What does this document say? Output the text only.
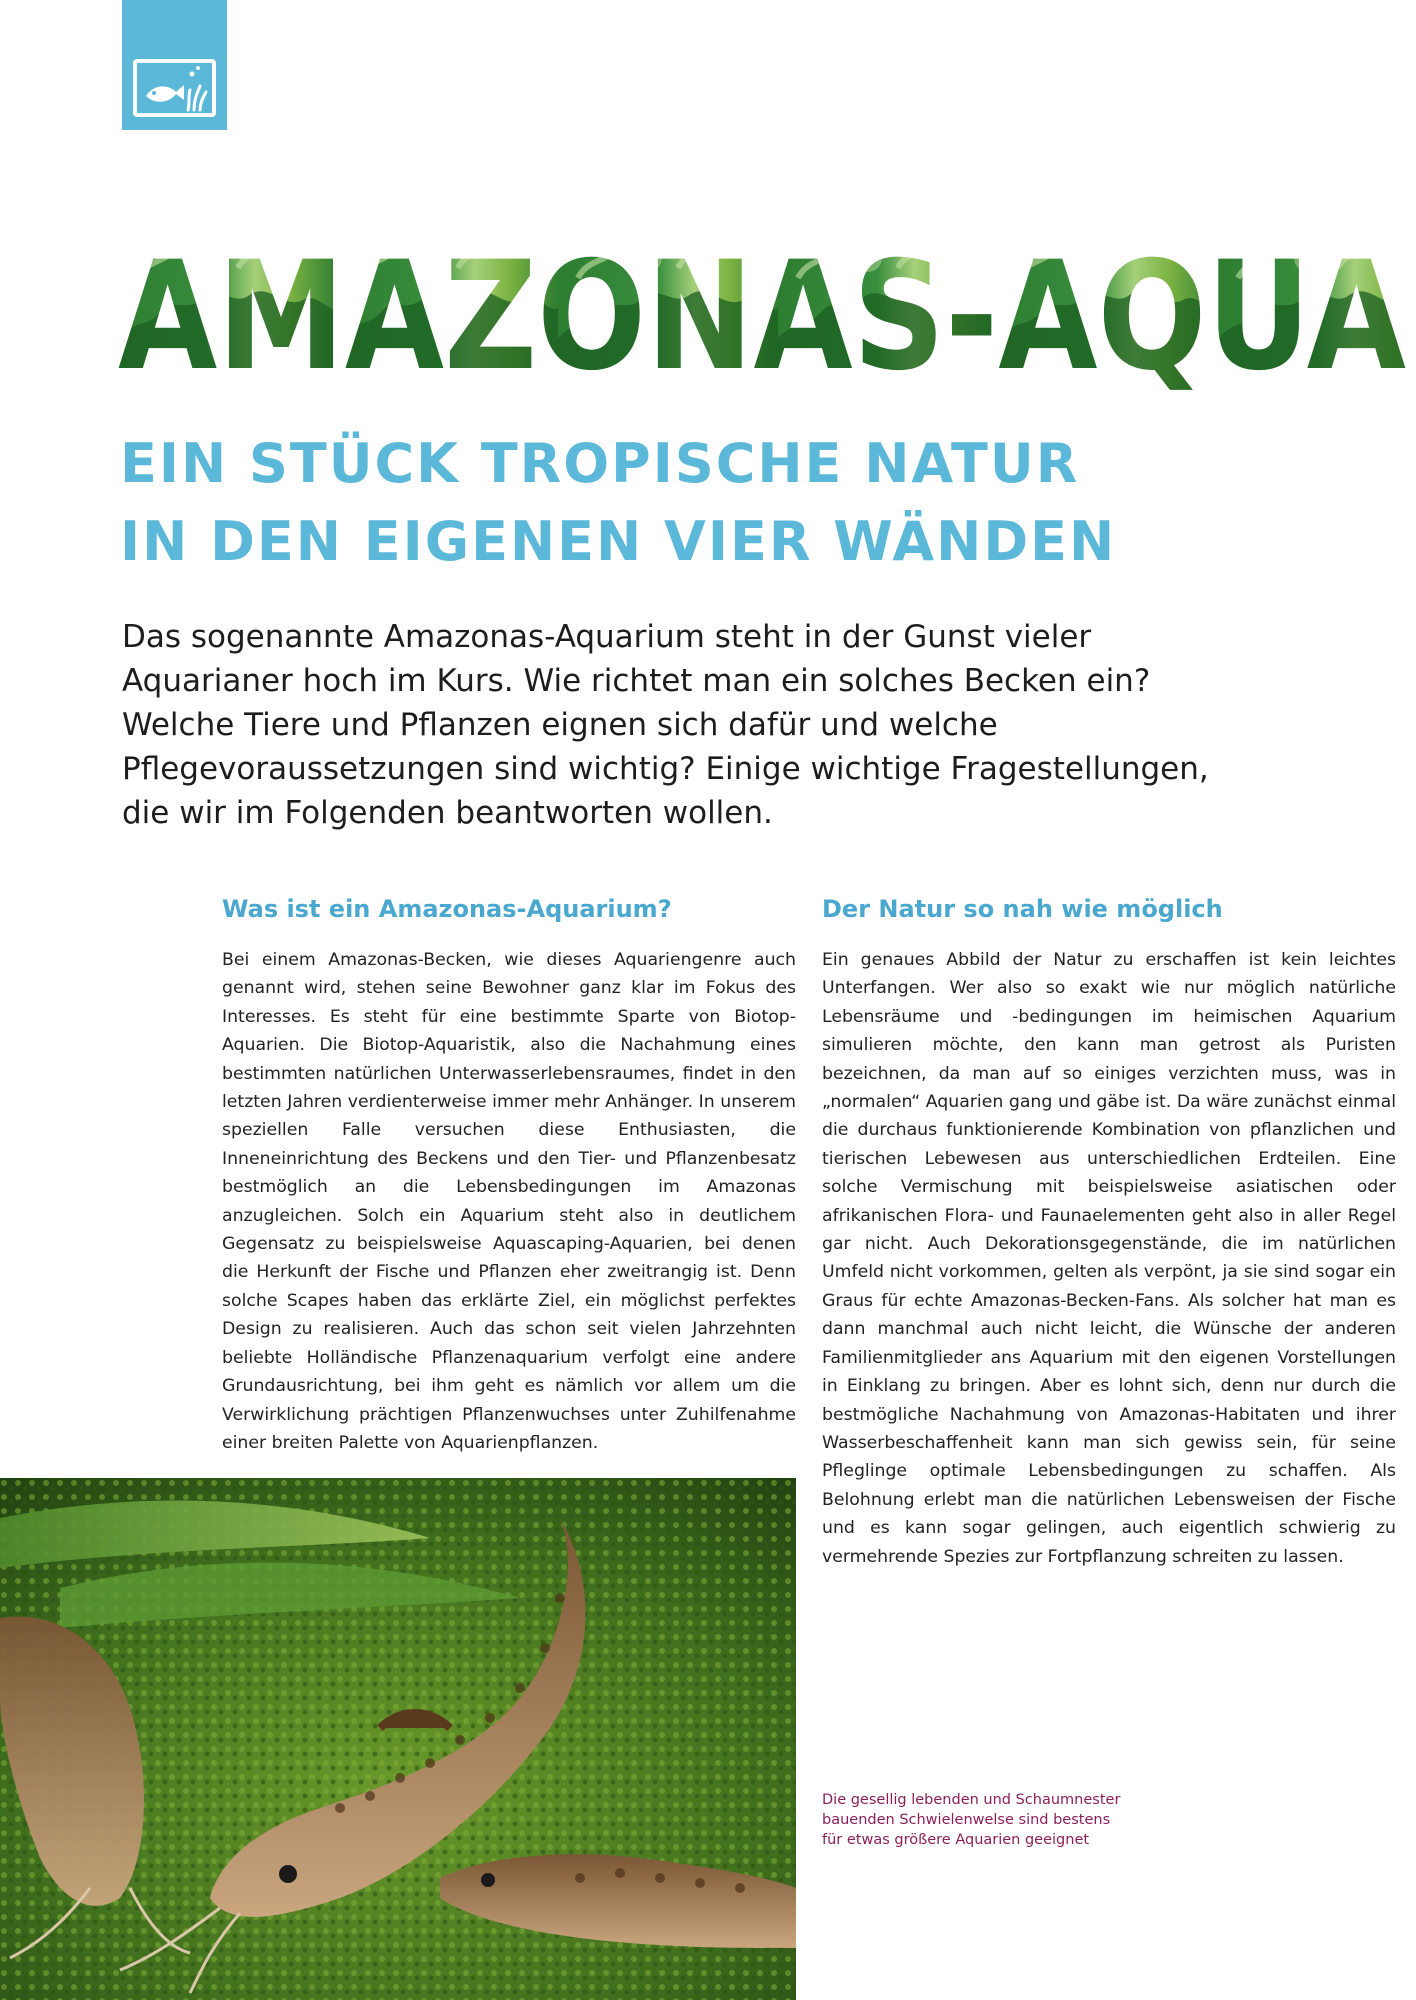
AMAZONAS-AQUA
EIN STÜCK TROPISCHE NATUR
IN DEN EIGENEN VIER WÄNDEN
Das sogenannte Amazonas-Aquarium steht in der Gunst vieler Aquarianer hoch im Kurs. Wie richtet man ein solches Becken ein? Welche Tiere und Pflanzen eignen sich dafür und welche Pflegevoraussetzungen sind wichtig? Einige wichtige Fragestellungen, die wir im Folgenden beantworten wollen.
Was ist ein Amazonas-Aquarium?	Der Natur so nah wie möglich
Bei einem Amazonas-Becken, wie dieses Aquariengenre auch genannt wird, stehen seine Bewohner ganz klar im Fokus des Interesses. Es steht für eine bestimmte Sparte von Biotop-Aquarien. Die Biotop-Aquaristik, also die Nachahmung eines bestimmten natürlichen Unterwasserlebensraumes, findet in den letzten Jahren verdienterweise immer mehr Anhänger. In unserem speziellen Falle versuchen diese Enthusiasten, die Inneneinrichtung des Beckens und den Tier- und Pflanzenbesatz bestmöglich an die Lebensbedingungen im Amazonas anzugleichen. Solch ein Aquarium steht also in deutlichem Gegensatz zu beispielsweise Aquascaping-Aquarien, bei denen die Herkunft der Fische und Pflanzen eher zweitrangig ist. Denn solche Scapes haben das erklärte Ziel, ein möglichst perfektes Design zu realisieren. Auch das schon seit vielen Jahrzehnten beliebte Holländische Pflanzenaquarium verfolgt eine andere Grundausrichtung, bei ihm geht es nämlich vor allem um die Verwirklichung prächtigen Pflanzenwuchses unter Zuhilfenahme einer breiten Palette von Aquarienpflanzen.
Ein genaues Abbild der Natur zu erschaffen ist kein leichtes Unterfangen. Wer also so exakt wie nur möglich natürliche Lebensräume und -bedingungen im heimischen Aquarium simulieren möchte, den kann man getrost als Puristen bezeichnen, da man auf so einiges verzichten muss, was in „normalen“ Aquarien gang und gäbe ist. Da wäre zunächst einmal die durchaus funktionierende Kombination von pflanzlichen und tierischen Lebewesen aus unterschiedlichen Erdteilen. Eine solche Vermischung mit beispielsweise asiatischen oder afrikanischen Flora- und Faunaelementen geht also in aller Regel gar nicht. Auch Dekorationsgegenstände, die im natürlichen Umfeld nicht vorkommen, gelten als verpönt, ja sie sind sogar ein Graus für echte Amazonas-Becken-Fans. Als solcher hat man es dann manchmal auch nicht leicht, die Wünsche der anderen Familienmitglieder ans Aquarium mit den eigenen Vorstellungen in Einklang zu bringen. Aber es lohnt sich, denn nur durch die bestmögliche Nachahmung von Amazonas-Habitaten und ihrer Wasserbeschaffenheit kann man sich gewiss sein, für seine Pfleglinge optimale Lebensbedingungen zu schaffen. Als Belohnung erlebt man die natürlichen Lebensweisen der Fische und es kann sogar gelingen, auch eigentlich schwierig zu vermehrende Spezies zur Fortpflanzung schreiten zu lassen.
Die gesellig lebenden und Schaumnester bauenden Schwielenwelse sind bestens für etwas größere Aquarien geeignet
